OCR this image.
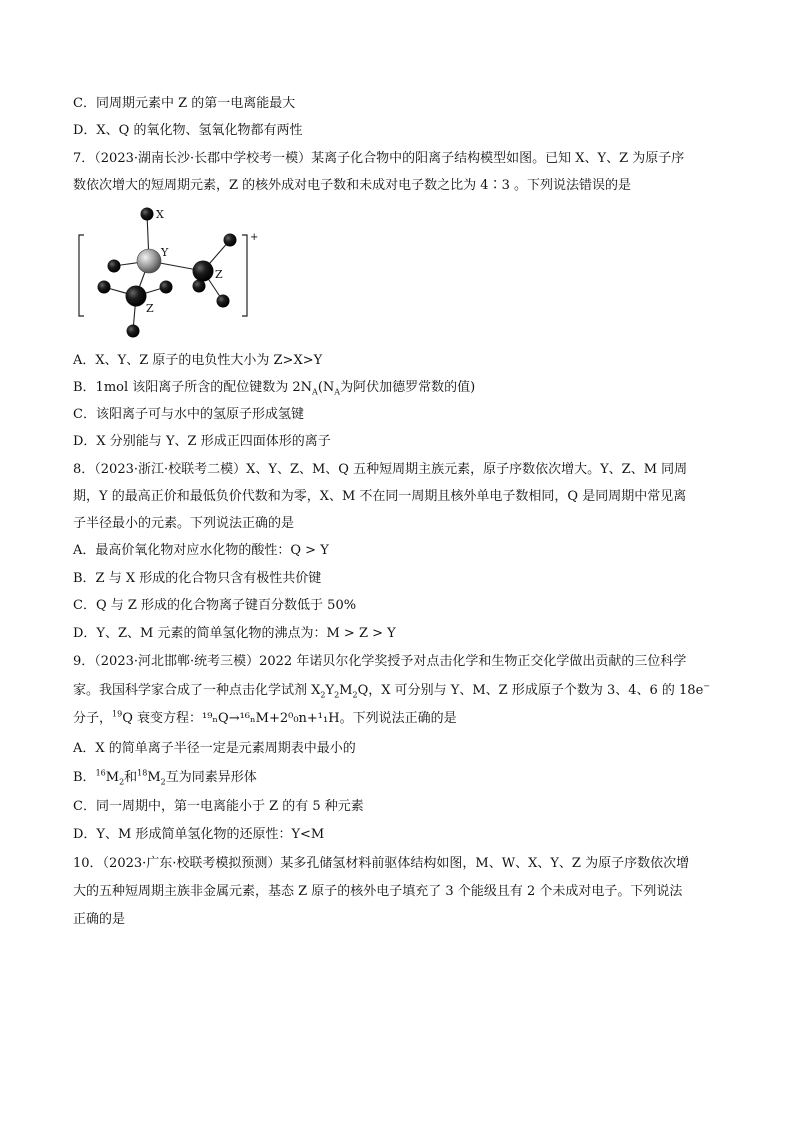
C．同周期元素中 Z 的第一电离能最大
D．X、Q 的氧化物、氢氧化物都有两性
7．（2023·湖南长沙·长郡中学校考一模）某离子化合物中的阳离子结构模型如图。已知 X、Y、Z 为原子序
数依次增大的短周期元素，Z 的核外成对电子数和未成对电子数之比为 4∶3 。下列说法错误的是
X
Y
Z
Z
+
A．X、Y、Z 原子的电负性大小为 Z>X>Y
B．1mol 该阳离子所含的配位键数为 $2N_A(N_A$为阿伏加德罗常数的值)
C．该阳离子可与水中的氢原子形成氢键
D．X 分别能与 Y、Z 形成正四面体形的离子
8．（2023·浙江·校联考二模）X、Y、Z、M、Q 五种短周期主族元素，原子序数依次增大。Y、Z、M 同周
期，Y 的最高正价和最低负价代数和为零，X、M 不在同一周期且核外单电子数相同，Q 是同周期中常见离
子半径最小的元素。下列说法正确的是
A．最高价氧化物对应水化物的酸性：Q > Y
B．Z 与 X 形成的化合物只含有极性共价键
C．Q 与 Z 形成的化合物离子键百分数低于 50%
D．Y、Z、M 元素的简单氢化物的沸点为：M > Z > Y
9．（2023·河北邯郸·统考三模）2022 年诺贝尔化学奖授予对点击化学和生物正交化学做出贡献的三位科学
家。我国科学家合成了一种点击化学试剂 $X_2Y_2M_2Q$，X 可分别与 Y、M、Z 形成原子个数为 3、4、6 的 18e−
分子，$^{19}$Q 衰变方程：¹⁹ₙQ→¹⁶ₙM+2⁰₀n+¹₁H。下列说法正确的是
A．X 的简单离子半径一定是元素周期表中最小的
B．$^{16}M_2$和$^{18}M_2$互为同素异形体
C．同一周期中，第一电离能小于 Z 的有 5 种元素
D．Y、M 形成简单氢化物的还原性：Y<M
10．（2023·广东·校联考模拟预测）某多孔储氢材料前驱体结构如图，M、W、X、Y、Z 为原子序数依次增
大的五种短周期主族非金属元素，基态 Z 原子的核外电子填充了 3 个能级且有 2 个未成对电子。下列说法
正确的是
